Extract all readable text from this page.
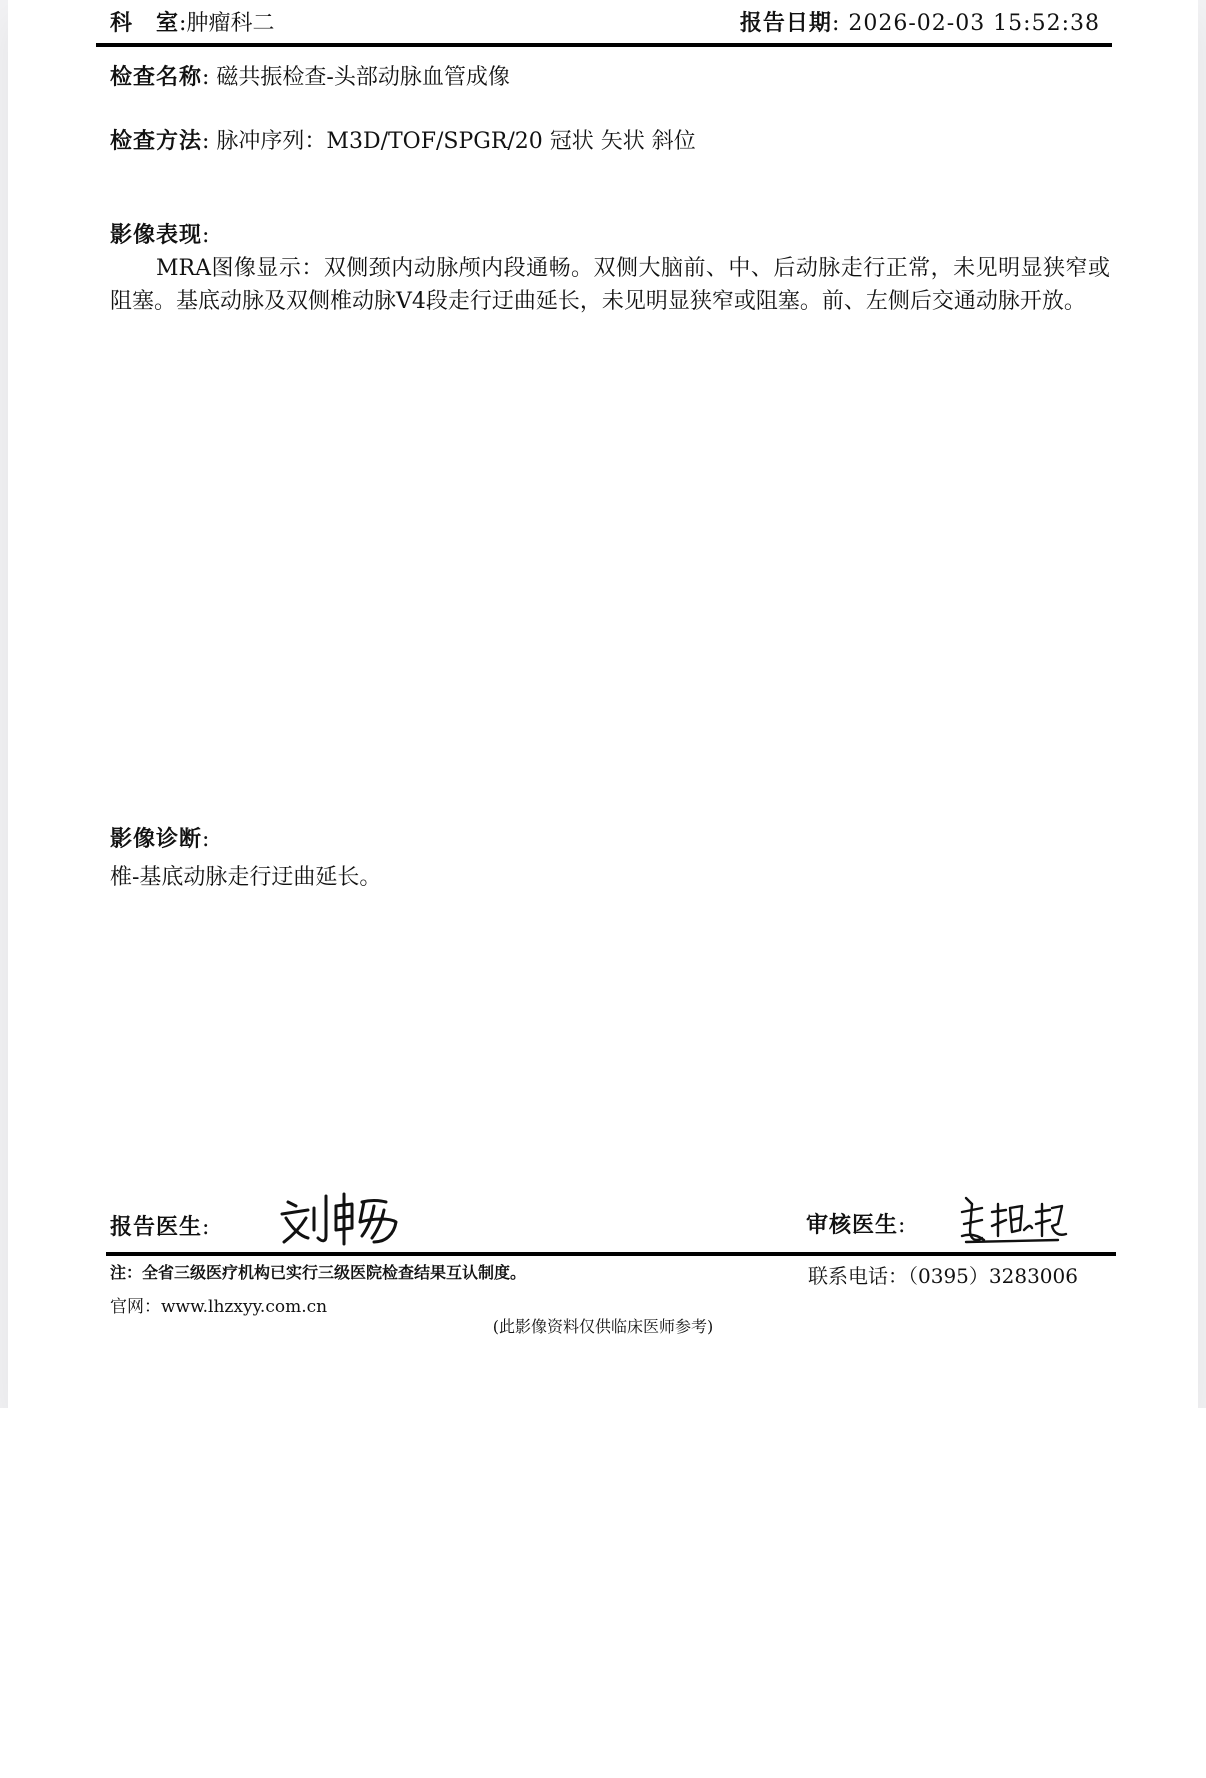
科　室:肿瘤科二	报告日期: 2026-02-03 15:52:38
检查名称: 磁共振检查-头部动脉血管成像
检查方法: 脉冲序列：M3D/TOF/SPGR/20 冠状 矢状 斜位
影像表现:
MRA图像显示：双侧颈内动脉颅内段通畅。双侧大脑前、中、后动脉走行正常，未见明显狭窄或阻塞。基底动脉及双侧椎动脉V4段走行迂曲延长，未见明显狭窄或阻塞。前、左侧后交通动脉开放。
影像诊断:
椎-基底动脉走行迂曲延长。
报告医生:	审核医生:
注：全省三级医疗机构已实行三级医院检查结果互认制度。	联系电话：（0395）3283006
官网：www.lhzxyy.com.cn
(此影像资料仅供临床医师参考)
